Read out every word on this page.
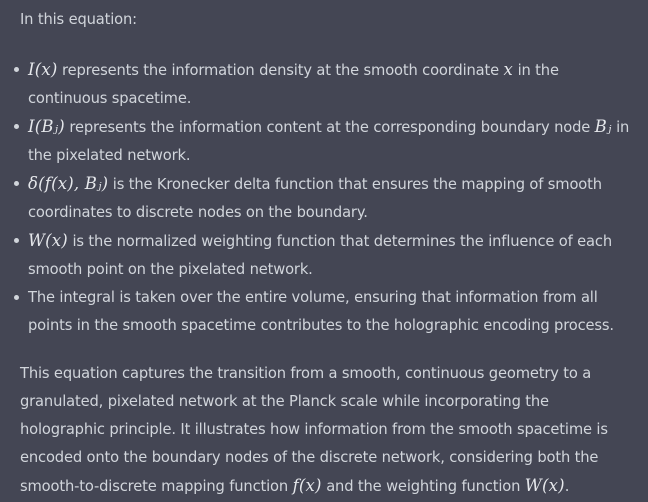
In this equation:

I(x) represents the information density at the smooth coordinate x in the continuous spacetime.
I(Bⱼ) represents the information content at the corresponding boundary node Bⱼ in the pixelated network.
δ(f(x), Bⱼ) is the Kronecker delta function that ensures the mapping of smooth coordinates to discrete nodes on the boundary.
W(x) is the normalized weighting function that determines the influence of each smooth point on the pixelated network.
The integral is taken over the entire volume, ensuring that information from all points in the smooth spacetime contributes to the holographic encoding process.

This equation captures the transition from a smooth, continuous geometry to a granulated, pixelated network at the Planck scale while incorporating the holographic principle. It illustrates how information from the smooth spacetime is encoded onto the boundary nodes of the discrete network, considering both the smooth-to-discrete mapping function f(x) and the weighting function W(x).
